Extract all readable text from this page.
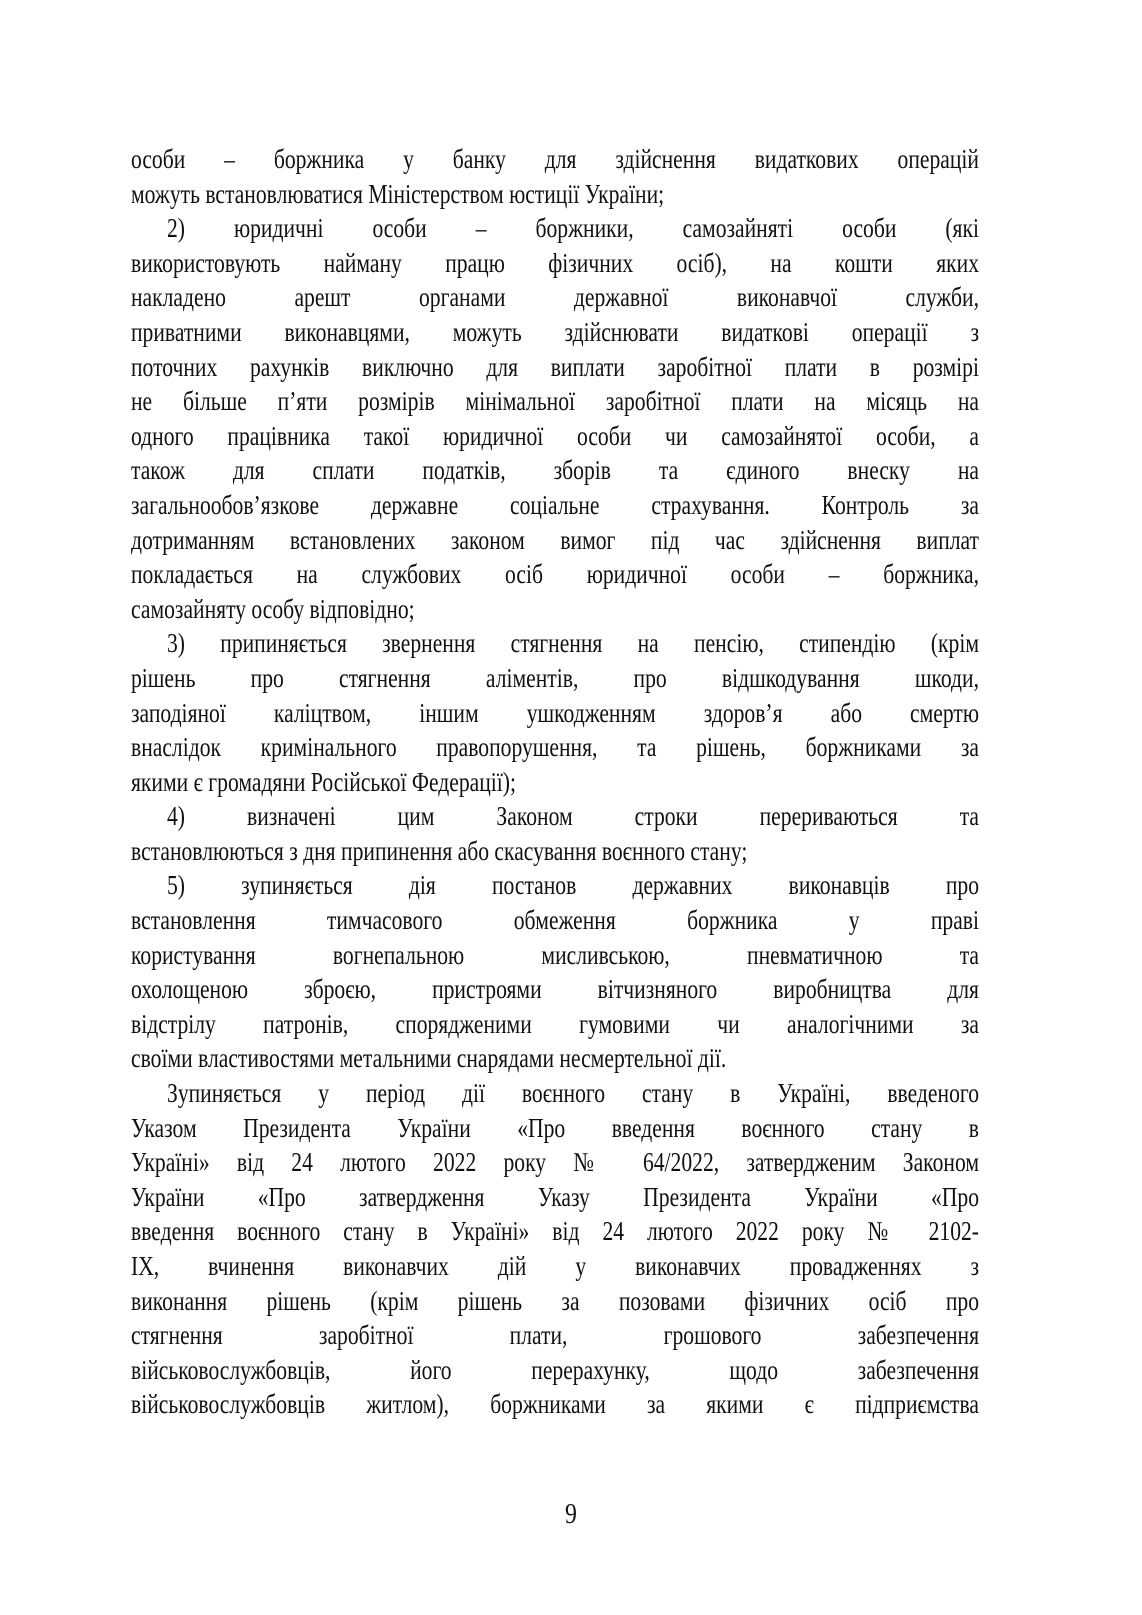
особи – боржника у банку для здійснення видаткових операцій
можуть встановлюватися Міністерством юстиції України;
2) юридичні особи – боржники, самозайняті особи (які
використовують найману працю фізичних осіб), на кошти яких
накладено арешт органами державної виконавчої служби,
приватними виконавцями, можуть здійснювати видаткові операції з
поточних рахунків виключно для виплати заробітної плати в розмірі
не більше п’яти розмірів мінімальної заробітної плати на місяць на
одного працівника такої юридичної особи чи самозайнятої особи, а
також для сплати податків, зборів та єдиного внеску на
загальнообов’язкове державне соціальне страхування. Контроль за
дотриманням встановлених законом вимог під час здійснення виплат
покладається на службових осіб юридичної особи – боржника,
самозайняту особу відповідно;
3) припиняється звернення стягнення на пенсію, стипендію (крім
рішень про стягнення аліментів, про відшкодування шкоди,
заподіяної каліцтвом, іншим ушкодженням здоров’я або смертю
внаслідок кримінального правопорушення, та рішень, боржниками за
якими є громадяни Російської Федерації);
4) визначені цим Законом строки перериваються та
встановлюються з дня припинення або скасування воєнного стану;
5) зупиняється дія постанов державних виконавців про
встановлення тимчасового обмеження боржника у праві
користування вогнепальною мисливською, пневматичною та
охолощеною зброєю, пристроями вітчизняного виробництва для
відстрілу патронів, спорядженими гумовими чи аналогічними за
своїми властивостями метальними снарядами несмертельної дії.
Зупиняється у період дії воєнного стану в Україні, введеного
Указом Президента України «Про введення воєнного стану в
Україні» від 24 лютого 2022 року № 64/2022, затвердженим Законом
України «Про затвердження Указу Президента України «Про
введення воєнного стану в Україні» від 24 лютого 2022 року № 2102-
IX, вчинення виконавчих дій у виконавчих провадженнях з
виконання рішень (крім рішень за позовами фізичних осіб про
стягнення заробітної плати, грошового забезпечення
військовослужбовців, його перерахунку, щодо забезпечення
військовослужбовців житлом), боржниками за якими є підприємства
9
